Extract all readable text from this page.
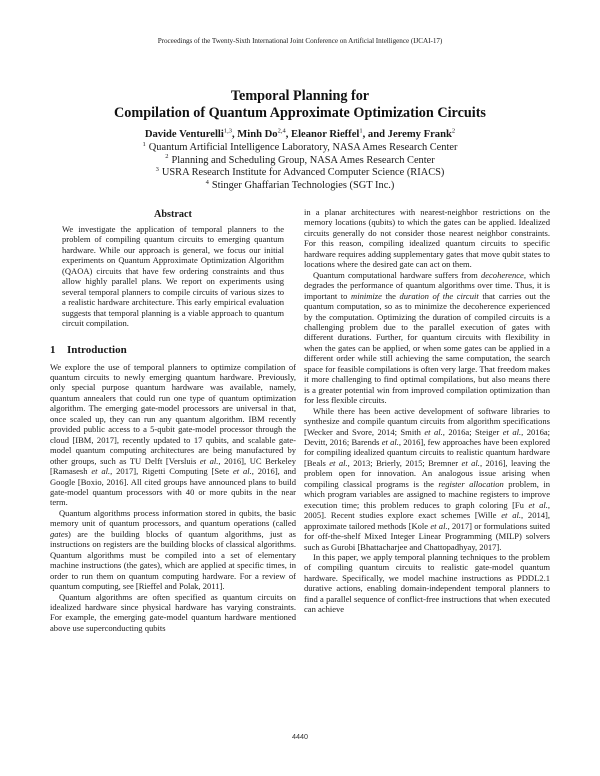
Proceedings of the Twenty-Sixth International Joint Conference on Artificial Intelligence (IJCAI-17)
Temporal Planning for
Compilation of Quantum Approximate Optimization Circuits
Davide Venturelli$^{1,3}$, Minh Do$^{2,4}$, Eleanor Rieffel$^1$, and Jeremy Frank$^2$
$^1$ Quantum Artificial Intelligence Laboratory, NASA Ames Research Center
$^2$ Planning and Scheduling Group, NASA Ames Research Center
$^3$ USRA Research Institute for Advanced Computer Science (RIACS)
$^4$ Stinger Ghaffarian Technologies (SGT Inc.)
Abstract

We investigate the application of temporal planners to the problem of compiling quantum circuits to emerging quantum hardware. While our approach is general, we focus our initial experiments on Quantum Approximate Optimization Algorithm (QAOA) circuits that have few ordering constraints and thus allow highly parallel plans. We report on experiments using several temporal planners to compile circuits of various sizes to a realistic hardware architecture. This early empirical evaluation suggests that temporal planning is a viable approach to quantum circuit compilation.

1 Introduction

We explore the use of temporal planners to optimize compilation of quantum circuits to newly emerging quantum hardware. Previously, only special purpose quantum hardware was available, namely, quantum annealers that could run one type of quantum optimization algorithm. The emerging gate-model processors are universal in that, once scaled up, they can run any quantum algorithm. IBM recently provided public access to a 5-qubit gate-model processor through the cloud [IBM, 2017], recently updated to 17 qubits, and scalable gate-model quantum computing architectures are being manufactured by other groups, such as TU Delft [Versluis et al., 2016], UC Berkeley [Ramasesh et al., 2017], Rigetti Computing [Sete et al., 2016], and Google [Boxio, 2016]. All cited groups have announced plans to build gate-model quantum processors with 40 or more qubits in the near term.

Quantum algorithms process information stored in qubits, the basic memory unit of quantum processors, and quantum operations (called gates) are the building blocks of quantum algorithms, just as instructions on registers are the building blocks of classical algorithms. Quantum algorithms must be compiled into a set of elementary machine instructions (the gates), which are applied at specific times, in order to run them on quantum computing hardware. For a review of quantum computing, see [Rieffel and Polak, 2011].

Quantum algorithms are often specified as quantum circuits on idealized hardware since physical hardware has varying constraints. For example, the emerging gate-model quantum hardware mentioned above use superconducting qubits

in a planar architectures with nearest-neighbor restrictions on the memory locations (qubits) to which the gates can be applied. Idealized circuits generally do not consider those nearest neighbor constraints. For this reason, compiling idealized quantum circuits to specific hardware requires adding supplementary gates that move qubit states to locations where the desired gate can act on them.

Quantum computational hardware suffers from decoherence, which degrades the performance of quantum algorithms over time. Thus, it is important to minimize the duration of the circuit that carries out the quantum computation, so as to minimize the decoherence experienced by the computation. Optimizing the duration of compiled circuits is a challenging problem due to the parallel execution of gates with different durations. Further, for quantum circuits with flexibility in when the gates can be applied, or when some gates can be applied in a different order while still achieving the same computation, the search space for feasible compilations is often very large. That freedom makes it more challenging to find optimal compilations, but also means there is a greater potential win from improved compilation optimization than for less flexible circuits.

While there has been active development of software libraries to synthesize and compile quantum circuits from algorithm specifications [Wecker and Svore, 2014; Smith et al., 2016a; Steiger et al., 2016a; Devitt, 2016; Barends et al., 2016], few approaches have been explored for compiling idealized quantum circuits to realistic quantum hardware [Beals et al., 2013; Brierly, 2015; Bremner et al., 2016], leaving the problem open for innovation. An analogous issue arising when compiling classical programs is the register allocation problem, in which program variables are assigned to machine registers to improve execution time; this problem reduces to graph coloring [Fu et al., 2005]. Recent studies explore exact schemes [Wille et al., 2014], approximate tailored methods [Kole et al., 2017] or formulations suited for off-the-shelf Mixed Integer Linear Programming (MILP) solvers such as Gurobi [Bhattacharjee and Chattopadhyay, 2017].

In this paper, we apply temporal planning techniques to the problem of compiling quantum circuits to realistic gate-model quantum hardware. Specifically, we model machine instructions as PDDL2.1 durative actions, enabling domain-independent temporal planners to find a parallel sequence of conflict-free instructions that when executed can achieve

4440
